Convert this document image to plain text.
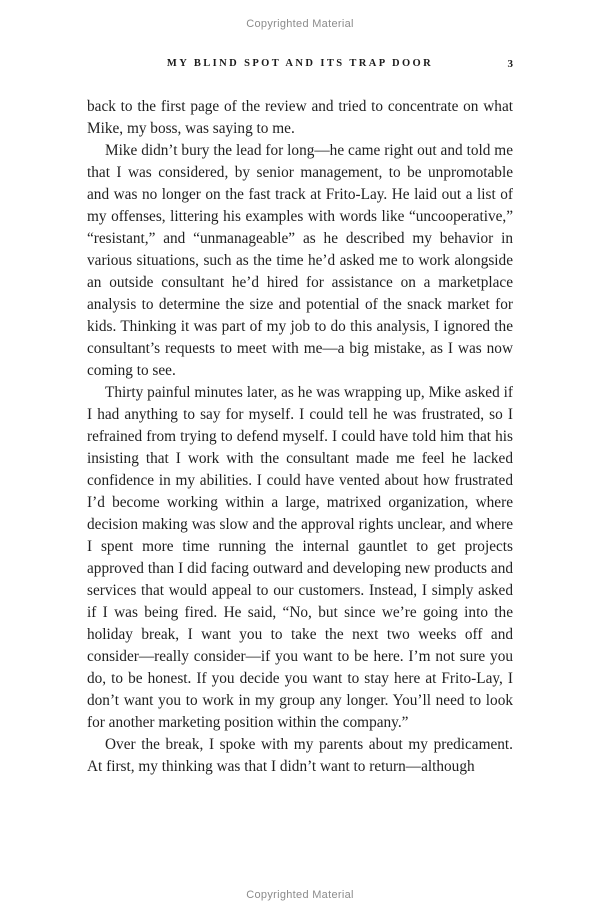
Copyrighted Material
MY BLIND SPOT AND ITS TRAP DOOR	3

back to the first page of the review and tried to concentrate on what Mike, my boss, was saying to me.

Mike didn’t bury the lead for long—he came right out and told me that I was considered, by senior management, to be unpromotable and was no longer on the fast track at Frito-Lay. He laid out a list of my offenses, littering his examples with words like “uncooperative,” “resistant,” and “unmanageable” as he described my behavior in various situations, such as the time he’d asked me to work alongside an outside consultant he’d hired for assistance on a marketplace analysis to determine the size and potential of the snack market for kids. Thinking it was part of my job to do this analysis, I ignored the consultant’s requests to meet with me—a big mistake, as I was now coming to see.

Thirty painful minutes later, as he was wrapping up, Mike asked if I had anything to say for myself. I could tell he was frustrated, so I refrained from trying to defend myself. I could have told him that his insisting that I work with the consultant made me feel he lacked confidence in my abilities. I could have vented about how frustrated I’d become working within a large, matrixed organization, where decision making was slow and the approval rights unclear, and where I spent more time running the internal gauntlet to get projects approved than I did facing outward and developing new products and services that would appeal to our customers. Instead, I simply asked if I was being fired. He said, “No, but since we’re going into the holiday break, I want you to take the next two weeks off and consider—really consider—if you want to be here. I’m not sure you do, to be honest. If you decide you want to stay here at Frito-Lay, I don’t want you to work in my group any longer. You’ll need to look for another marketing position within the company.”

Over the break, I spoke with my parents about my predicament. At first, my thinking was that I didn’t want to return—although

Copyrighted Material
